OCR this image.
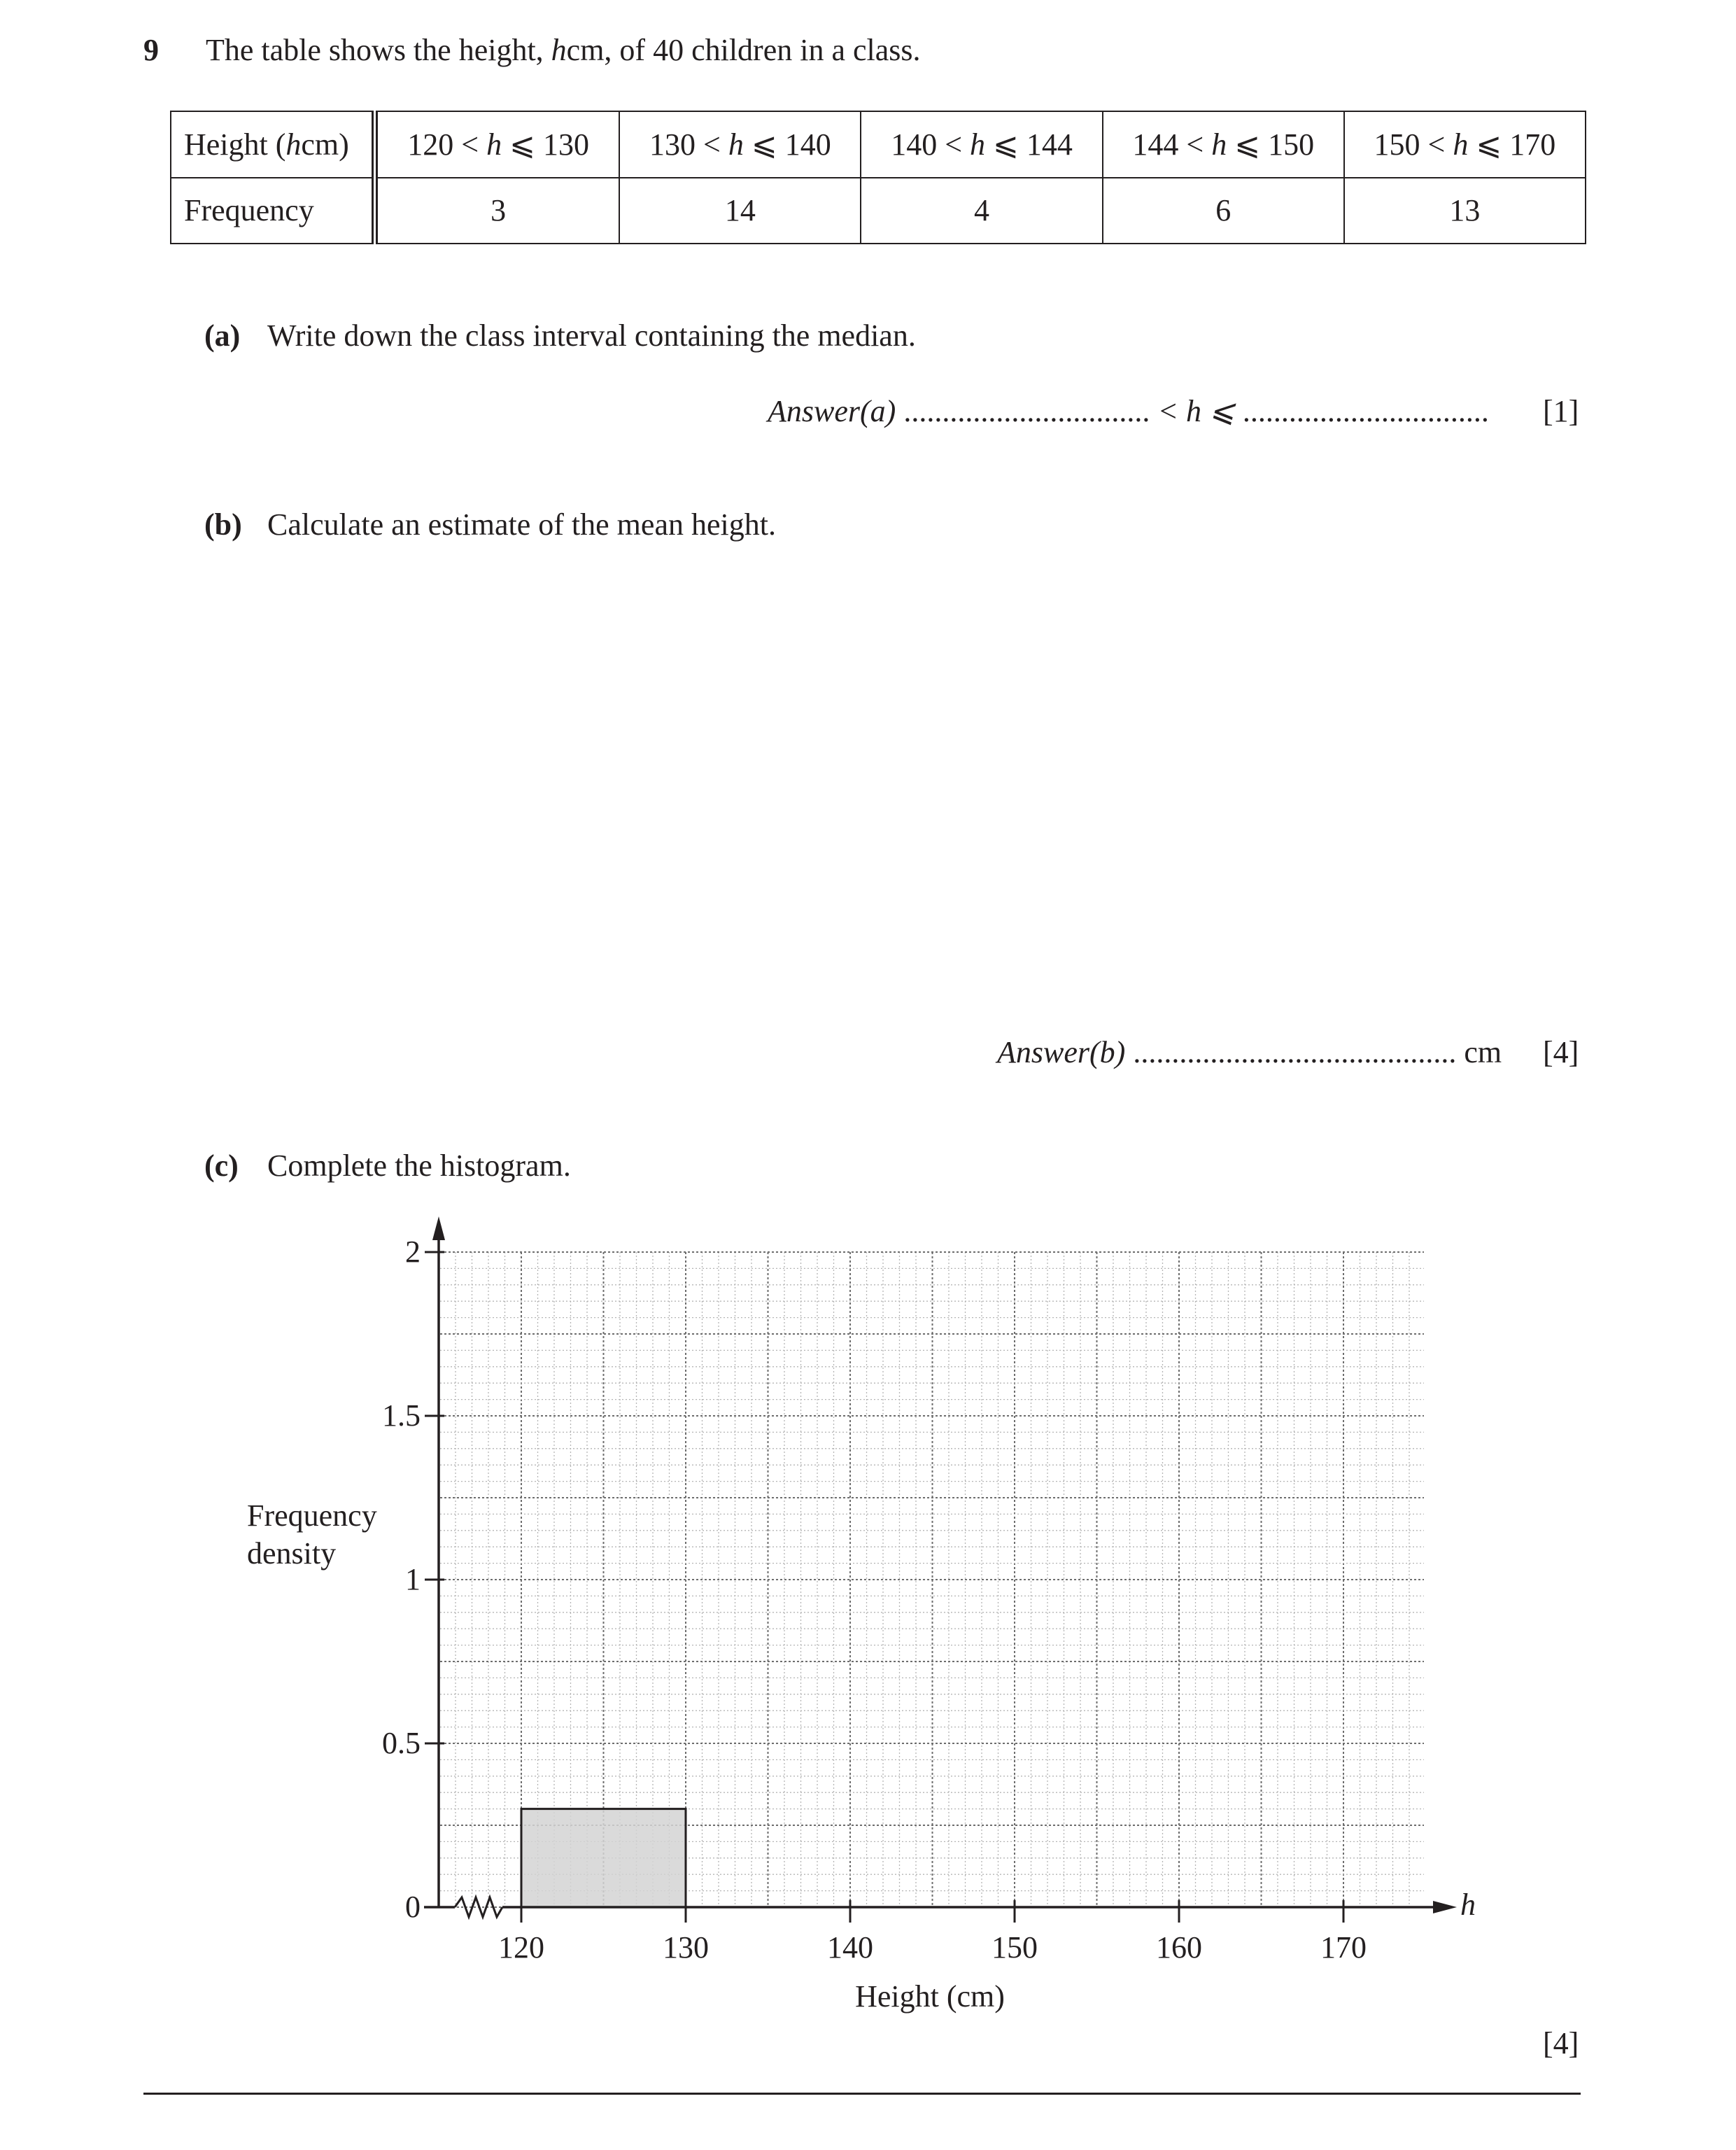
9 The table shows the height, hcm, of 40 children in a class.
Height (hcm)	120 < h ⩽ 130	130 < h ⩽ 140	140 < h ⩽ 144	144 < h ⩽ 150	150 < h ⩽ 170
Frequency	3	14	4	6	13
(a) Write down the class interval containing the median.
Answer(a) ................................ < h ⩽ ................................ [1]
(b) Calculate an estimate of the mean height.
Answer(b) .......................................... cm [4]
(c) Complete the histogram.
0
0.5
1
1.5
2
120	130	140	150	160	170
Height (cm)
Frequency
density
h
[4]
